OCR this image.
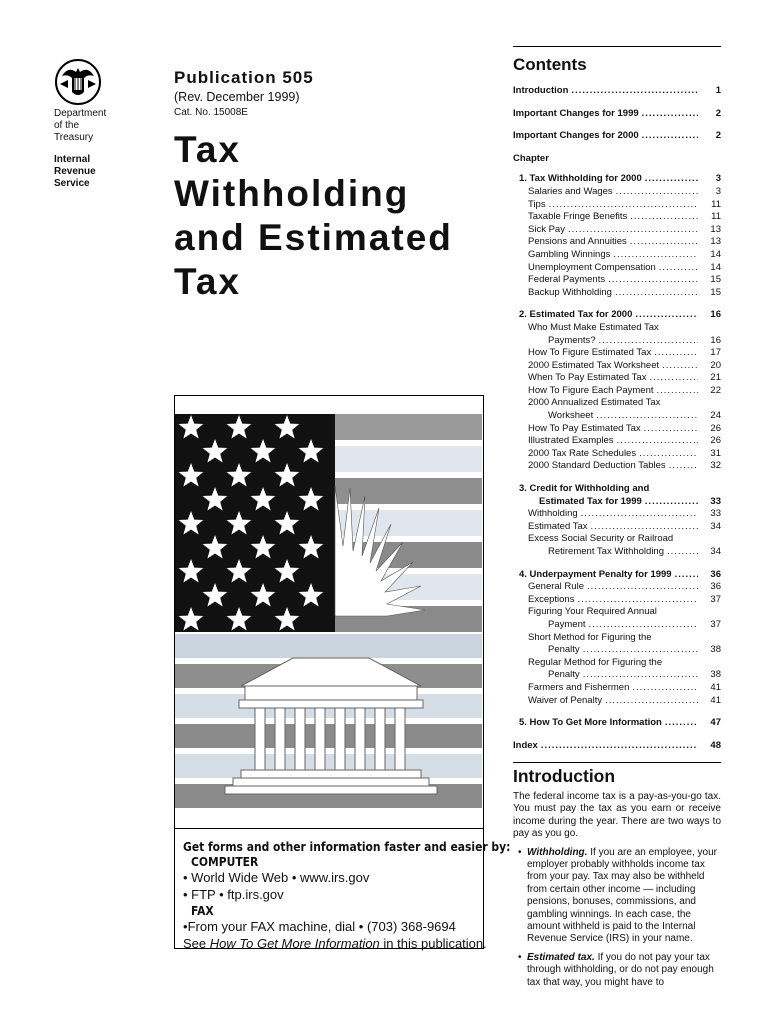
Department
of the
Treasury
Internal
Revenue
Service
Publication 505
(Rev. December 1999)
Cat. No. 15008E
Tax
Withholding
and Estimated
Tax
Get forms and other information faster and easier by:
COMPUTER
• World Wide Web • www.irs.gov
• FTP • ftp.irs.gov
FAX
•From your FAX machine, dial • (703) 368-9694
See How To Get More Information in this publication.
Contents
Introduction .....	1
Important Changes for 1999 .....	2
Important Changes for 2000 .....	2
Chapter
1. Tax Withholding for 2000 .....	3
Salaries and Wages .....	3
Tips .....	11
Taxable Fringe Benefits .....	11
Sick Pay .....	13
Pensions and Annuities .....	13
Gambling Winnings .....	14
Unemployment Compensation .....	14
Federal Payments .....	15
Backup Withholding .....	15
2. Estimated Tax for 2000 .....	16
Who Must Make Estimated Tax
Payments? .....	16
How To Figure Estimated Tax .....	17
2000 Estimated Tax Worksheet .....	20
When To Pay Estimated Tax .....	21
How To Figure Each Payment .....	22
2000 Annualized Estimated Tax
Worksheet .....	24
How To Pay Estimated Tax .....	26
Illustrated Examples .....	26
2000 Tax Rate Schedules .....	31
2000 Standard Deduction Tables .....	32
3. Credit for Withholding and
Estimated Tax for 1999 .....	33
Withholding .....	33
Estimated Tax .....	34
Excess Social Security or Railroad
Retirement Tax Withholding .....	34
4. Underpayment Penalty for 1999 .....	36
General Rule .....	36
Exceptions .....	37
Figuring Your Required Annual
Payment .....	37
Short Method for Figuring the
Penalty .....	38
Regular Method for Figuring the
Penalty .....	38
Farmers and Fishermen .....	41
Waiver of Penalty .....	41
5. How To Get More Information .....	47
Index .....	48
Introduction

The federal income tax is a pay-as-you-go tax. You must pay the tax as you earn or receive income during the year. There are two ways to pay as you go.

• Withholding. If you are an employee, your employer probably withholds income tax from your pay. Tax may also be withheld from certain other income — including pensions, bonuses, commissions, and gambling winnings. In each case, the amount withheld is paid to the Internal Revenue Service (IRS) in your name.
• Estimated tax. If you do not pay your tax through withholding, or do not pay enough tax that way, you might have to
